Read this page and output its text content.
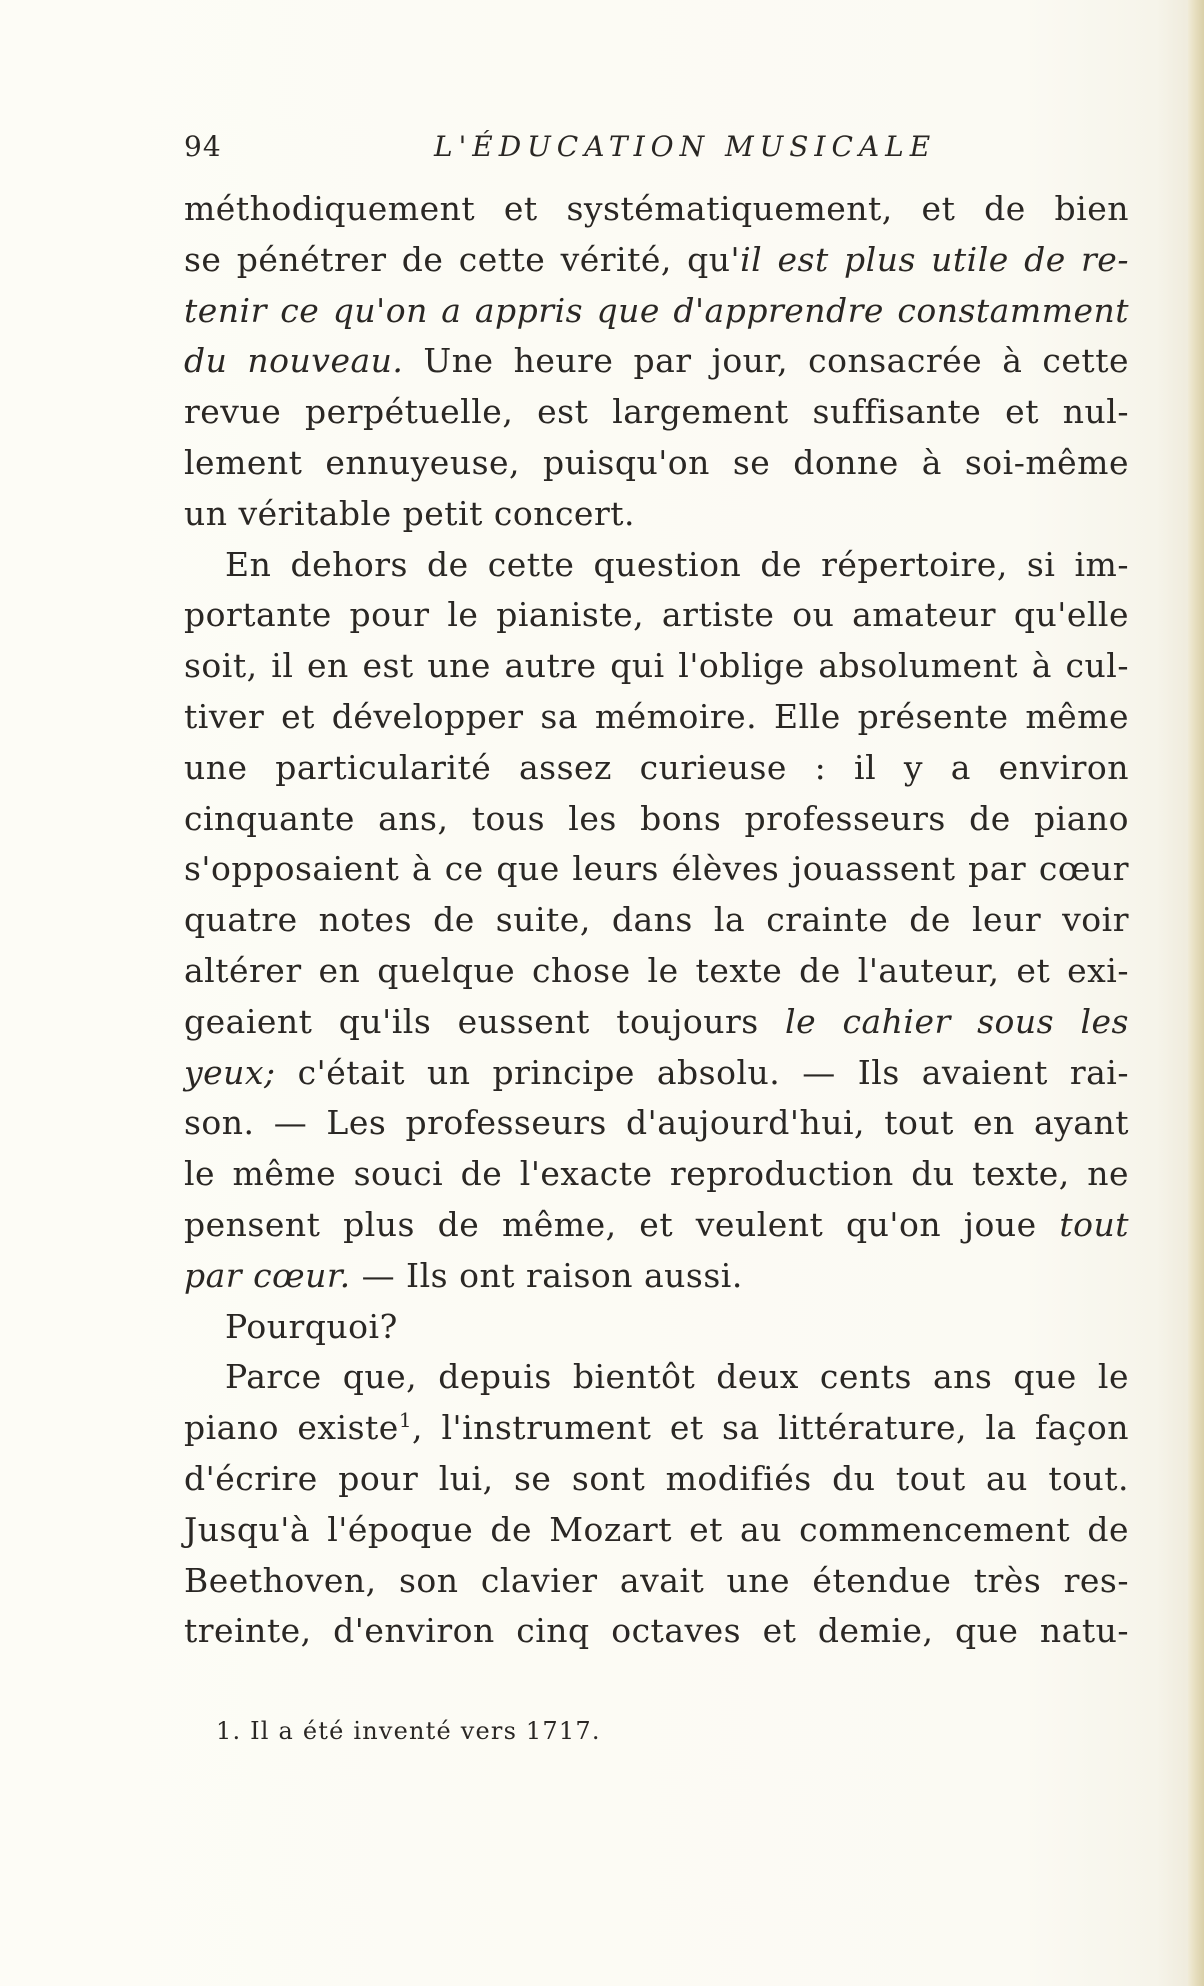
94	L'ÉDUCATION MUSICALE
méthodiquement et systématiquement, et de bien
se pénétrer de cette vérité, qu'il est plus utile de re-
tenir ce qu'on a appris que d'apprendre constamment
du nouveau. Une heure par jour, consacrée à cette
revue perpétuelle, est largement suffisante et nul-
lement ennuyeuse, puisqu'on se donne à soi-même
un véritable petit concert.
En dehors de cette question de répertoire, si im-
portante pour le pianiste, artiste ou amateur qu'elle
soit, il en est une autre qui l'oblige absolument à cul-
tiver et développer sa mémoire. Elle présente même
une particularité assez curieuse : il y a environ
cinquante ans, tous les bons professeurs de piano
s'opposaient à ce que leurs élèves jouassent par cœur
quatre notes de suite, dans la crainte de leur voir
altérer en quelque chose le texte de l'auteur, et exi-
geaient qu'ils eussent toujours le cahier sous les
yeux; c'était un principe absolu. — Ils avaient rai-
son. — Les professeurs d'aujourd'hui, tout en ayant
le même souci de l'exacte reproduction du texte, ne
pensent plus de même, et veulent qu'on joue tout
par cœur. — Ils ont raison aussi.
Pourquoi?
Parce que, depuis bientôt deux cents ans que le
piano existe$^1$, l'instrument et sa littérature, la façon
d'écrire pour lui, se sont modifiés du tout au tout.
Jusqu'à l'époque de Mozart et au commencement de
Beethoven, son clavier avait une étendue très res-
treinte, d'environ cinq octaves et demie, que natu-
1. Il a été inventé vers 1717.
